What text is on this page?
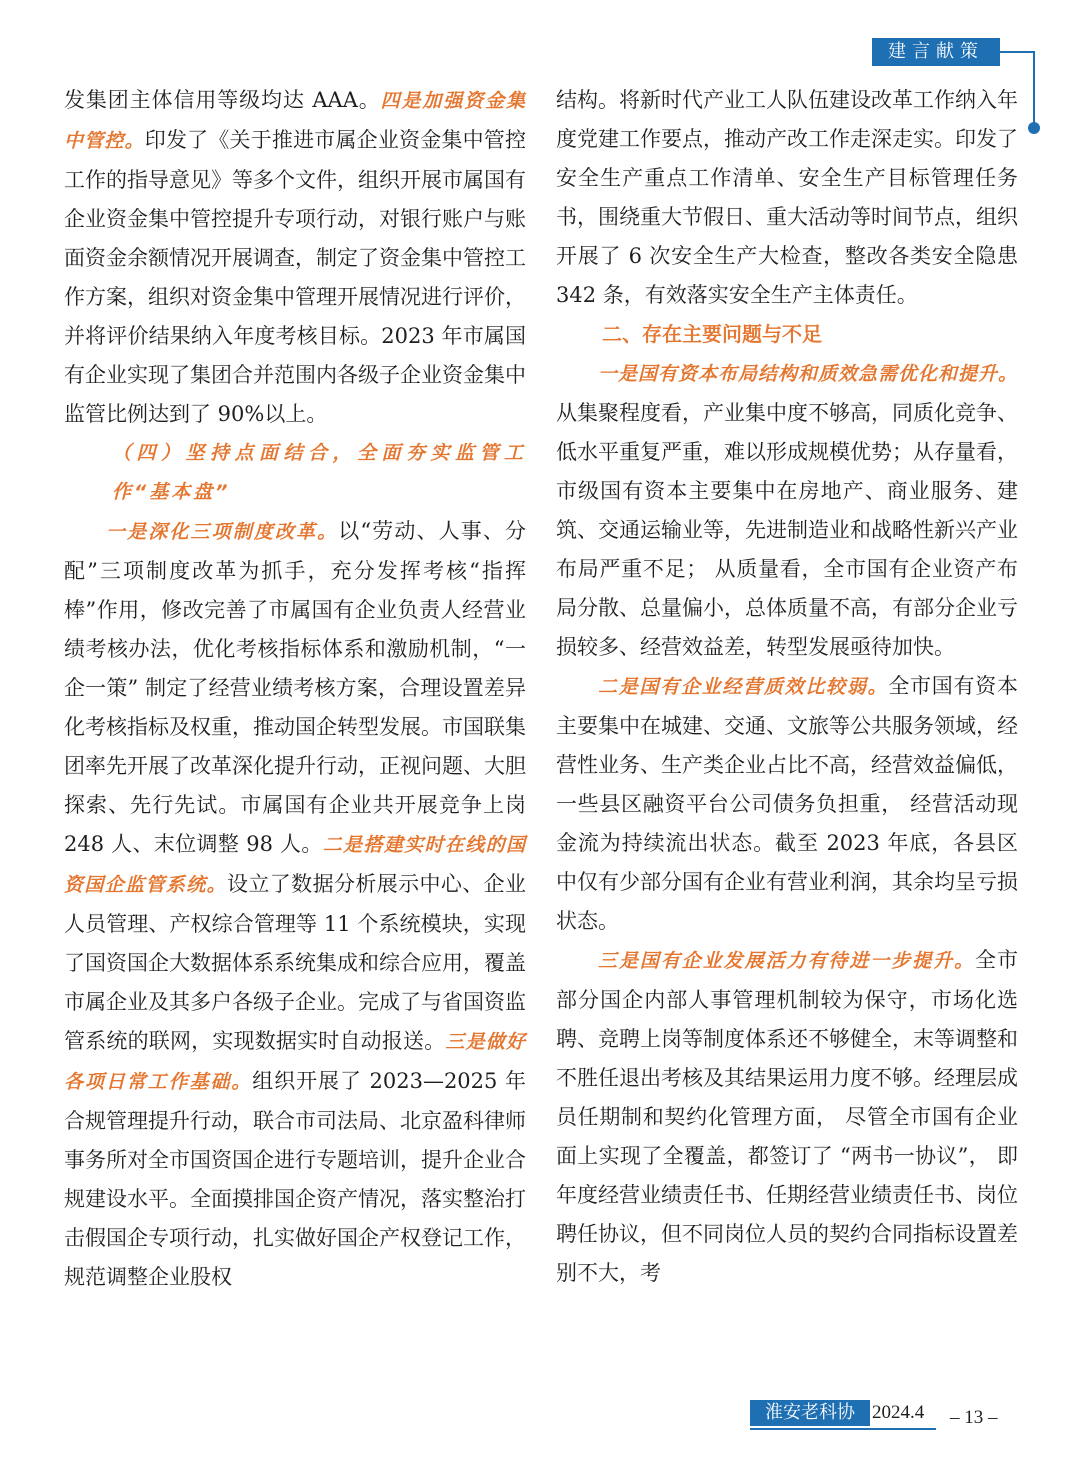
建言献策

发集团主体信用等级均达 AAA。四是加强资金集中管控。印发了《关于推进市属企业资金集中管控工作的指导意见》等多个文件，组织开展市属国有企业资金集中管控提升专项行动，对银行账户与账面资金余额情况开展调查，制定了资金集中管控工作方案，组织对资金集中管理开展情况进行评价，并将评价结果纳入年度考核目标。2023 年市属国有企业实现了集团合并范围内各级子企业资金集中监管比例达到了 90%以上。

（四）坚持点面结合，全面夯实监管工作“基本盘”

一是深化三项制度改革。以“劳动、人事、分配”三项制度改革为抓手，充分发挥考核“指挥棒”作用，修改完善了市属国有企业负责人经营业绩考核办法，优化考核指标体系和激励机制，“一企一策” 制定了经营业绩考核方案，合理设置差异化考核指标及权重，推动国企转型发展。市国联集团率先开展了改革深化提升行动，正视问题、大胆探索、先行先试。市属国有企业共开展竞争上岗 248 人、末位调整 98 人。二是搭建实时在线的国资国企监管系统。设立了数据分析展示中心、企业人员管理、产权综合管理等 11 个系统模块，实现了国资国企大数据体系系统集成和综合应用，覆盖市属企业及其多户各级子企业。完成了与省国资监管系统的联网，实现数据实时自动报送。三是做好各项日常工作基础。组织开展了 2023—2025 年合规管理提升行动，联合市司法局、北京盈科律师事务所对全市国资国企进行专题培训，提升企业合规建设水平。全面摸排国企资产情况，落实整治打击假国企专项行动，扎实做好国企产权登记工作，规范调整企业股权

结构。将新时代产业工人队伍建设改革工作纳入年度党建工作要点，推动产改工作走深走实。印发了安全生产重点工作清单、安全生产目标管理任务书，围绕重大节假日、重大活动等时间节点，组织开展了 6 次安全生产大检查，整改各类安全隐患 342 条，有效落实安全生产主体责任。

二、存在主要问题与不足

一是国有资本布局结构和质效急需优化和提升。从集聚程度看，产业集中度不够高，同质化竞争、低水平重复严重，难以形成规模优势；从存量看，市级国有资本主要集中在房地产、商业服务、建筑、交通运输业等，先进制造业和战略性新兴产业布局严重不足； 从质量看，全市国有企业资产布局分散、总量偏小，总体质量不高，有部分企业亏损较多、经营效益差，转型发展亟待加快。

二是国有企业经营质效比较弱。全市国有资本主要集中在城建、交通、文旅等公共服务领域，经营性业务、生产类企业占比不高，经营效益偏低， 一些县区融资平台公司债务负担重， 经营活动现金流为持续流出状态。截至 2023 年底，各县区中仅有少部分国有企业有营业利润，其余均呈亏损状态。

三是国有企业发展活力有待进一步提升。全市部分国企内部人事管理机制较为保守，市场化选聘、竞聘上岗等制度体系还不够健全，末等调整和不胜任退出考核及其结果运用力度不够。经理层成员任期制和契约化管理方面， 尽管全市国有企业面上实现了全覆盖，都签订了 “两书一协议”， 即年度经营业绩责任书、任期经营业绩责任书、岗位聘任协议，但不同岗位人员的契约合同指标设置差别不大，考

淮安老科协 2024.4 – 13 –
